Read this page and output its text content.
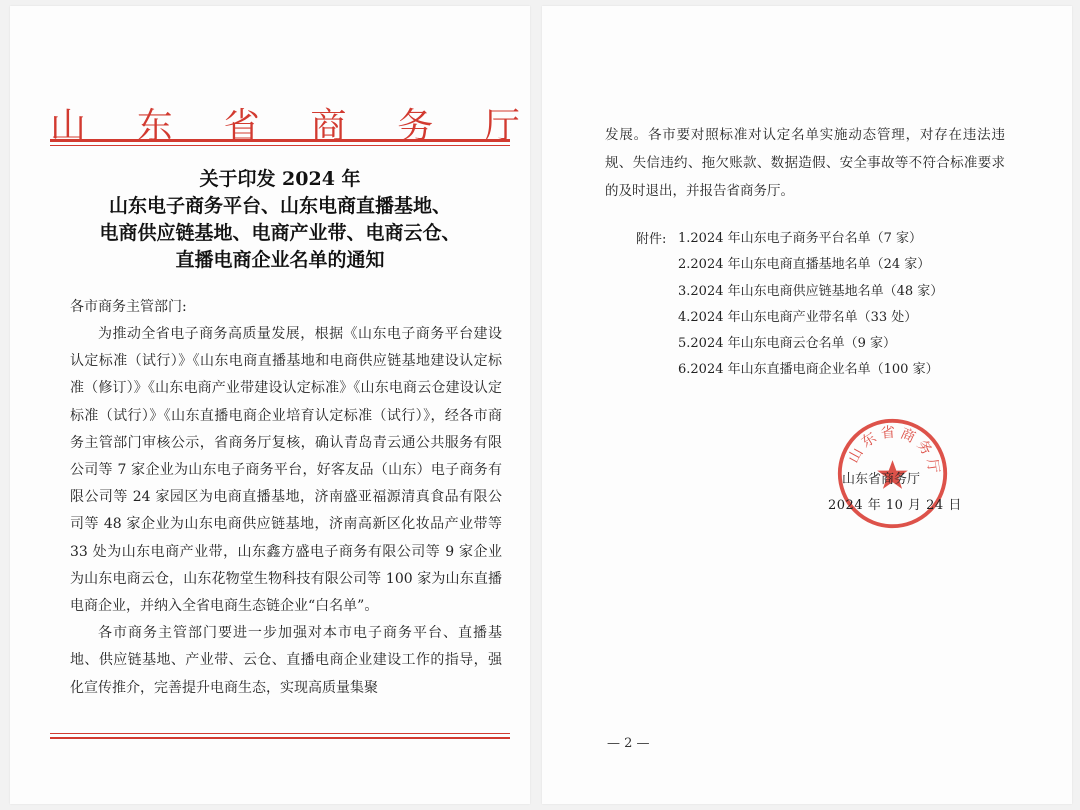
山 东 省 商 务 厅
关于印发 2024 年
山东电子商务平台、山东电商直播基地、
电商供应链基地、电商产业带、电商云仓、
直播电商企业名单的通知
各市商务主管部门:

为推动全省电子商务高质量发展，根据《山东电子商务平台建设认定标准（试行）》《山东电商直播基地和电商供应链基地建设认定标准（修订）》《山东电商产业带建设认定标准》《山东电商云仓建设认定标准（试行）》《山东直播电商企业培育认定标准（试行）》，经各市商务主管部门审核公示，省商务厅复核，确认青岛青云通公共服务有限公司等 7 家企业为山东电子商务平台，好客友品（山东）电子商务有限公司等 24 家园区为电商直播基地，济南盛亚福源清真食品有限公司等 48 家企业为山东电商供应链基地，济南高新区化妆品产业带等 33 处为山东电商产业带，山东鑫方盛电子商务有限公司等 9 家企业为山东电商云仓，山东花物堂生物科技有限公司等 100 家为山东直播电商企业，并纳入全省电商生态链企业“白名单”。

各市商务主管部门要进一步加强对本市电子商务平台、直播基地、供应链基地、产业带、云仓、直播电商企业建设工作的指导，强化宣传推介，完善提升电商生态，实现高质量集聚

发展。各市要对照标准对认定名单实施动态管理，对存在违法违规、失信违约、拖欠账款、数据造假、安全事故等不符合标准要求的及时退出，并报告省商务厅。
附件: 1.2024 年山东电子商务平台名单（7 家）
2.2024 年山东电商直播基地名单（24 家）
3.2024 年山东电商供应链基地名单（48 家）
4.2024 年山东电商产业带名单（33 处）
5.2024 年山东电商云仓名单（9 家）
6.2024 年山东直播电商企业名单（100 家）
山东省商务厅
山东省商务厅
2024 年 10 月 24 日
— 2 —
